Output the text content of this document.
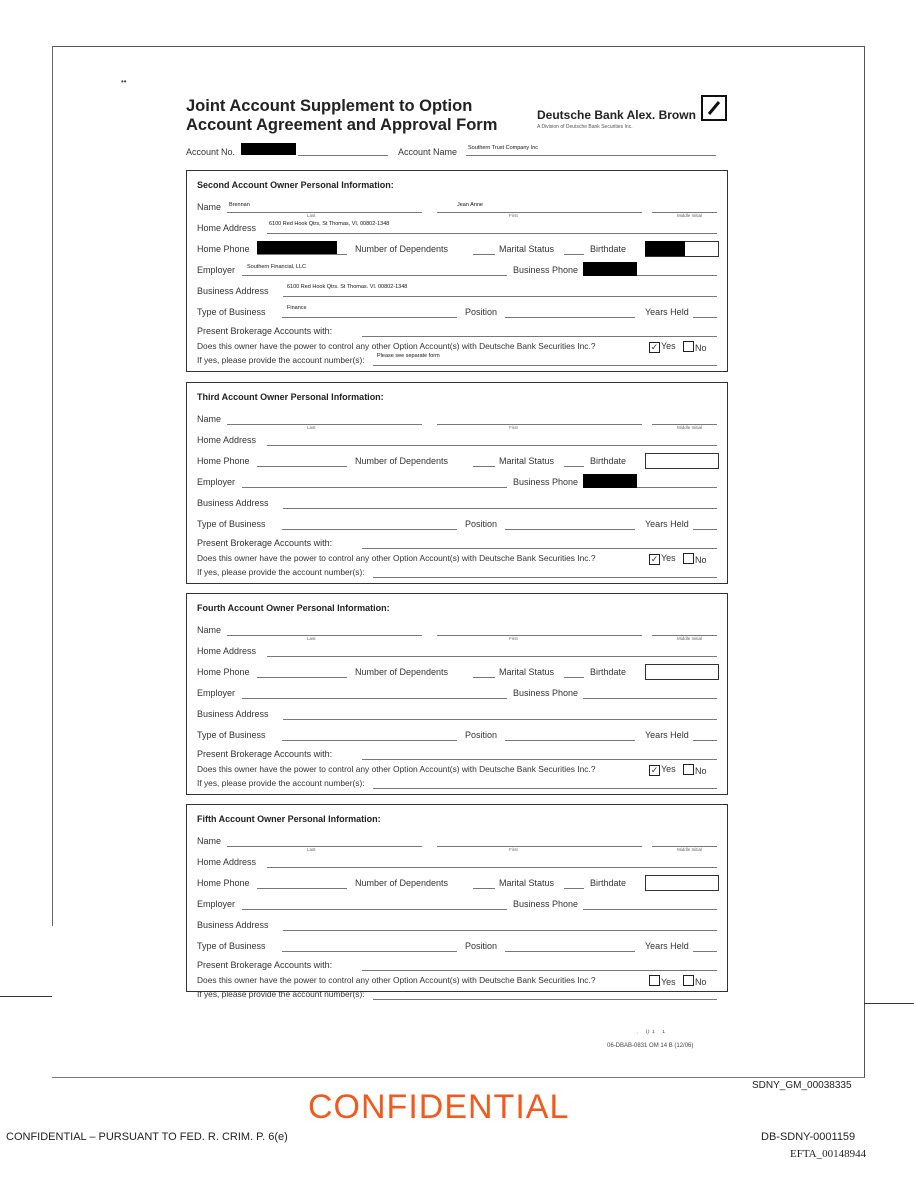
••
Joint Account Supplement to Option
Account Agreement and Approval Form
Deutsche Bank Alex. Brown
A Division of Deutsche Bank Securities Inc.
Account No.	Account Name Southern Trust Company Inc
Second Account Owner Personal Information:
Name Brennan	Jean Anne
Last	First	Middle Initial
Home Address 6100 Red Hook Qtrs, St Thomas, VI, 00802-1348
Home Phone	Number of Dependents	Marital Status	Birthdate
Employer Southern Financial, LLC	Business Phone
Business Address	6100 Red Hook Qtrs. St Thomas. VI. 00802-1348
Type of Business	Finance	Position	Years Held
Present Brokerage Accounts with:
Does this owner have the power to control any other Option Account(s) with Deutsche Bank Securities Inc.?	✓ Yes	No
If yes, please provide the account number(s): Please see separate form
Third Account Owner Personal Information:
Name
Last	First	Middle Initial
Home Address
Home Phone	Number of Dependents	Marital Status	Birthdate
Employer	Business Phone
Business Address
Type of Business	Position	Years Held
Present Brokerage Accounts with:
Does this owner have the power to control any other Option Account(s) with Deutsche Bank Securities Inc.?	✓ Yes	No
If yes, please provide the account number(s):
Fourth Account Owner Personal Information:
Name
Last	First	Middle Initial
Home Address
Home Phone	Number of Dependents	Marital Status	Birthdate
Employer	Business Phone
Business Address
Type of Business	Position	Years Held
Present Brokerage Accounts with:
Does this owner have the power to control any other Option Account(s) with Deutsche Bank Securities Inc.?	✓ Yes	No
If yes, please provide the account number(s):
Fifth Account Owner Personal Information:
Name
Last	First	Middle Initial
Home Address
Home Phone	Number of Dependents	Marital Status	Birthdate
Employer	Business Phone
Business Address
Type of Business	Position	Years Held
Present Brokerage Accounts with:
Does this owner have the power to control any other Option Account(s) with Deutsche Bank Securities Inc.?	Yes	No
If yes, please provide the account number(s):
· ᵁ¹ ¹
06-DBAB-0831 OM 14 B (12/06)
SDNY_GM_00038335
CONFIDENTIAL
CONFIDENTIAL – PURSUANT TO FED. R. CRIM. P. 6(e)	DB-SDNY-0001159
EFTA_00148944
